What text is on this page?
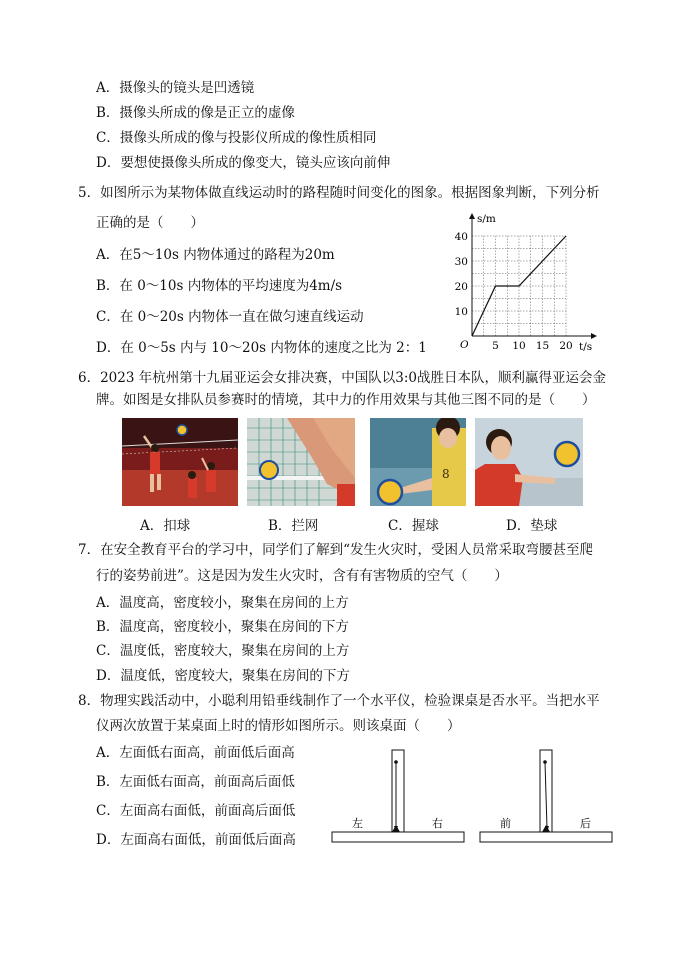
A．摄像头的镜头是凹透镜
B．摄像头所成的像是正立的虚像
C．摄像头所成的像与投影仪所成的像性质相同
D．要想使摄像头所成的像变大，镜头应该向前伸
5．如图所示为某物体做直线运动时的路程随时间变化的图象。根据图象判断，下列分析
正确的是（　　）
A．在5～10s 内物体通过的路程为20m
B．在 0～10s 内物体的平均速度为4m/s
C．在 0～20s 内物体一直在做匀速直线运动
D．在 0～5s 内与 10～20s 内物体的速度之比为 2：1	5 10 15 20
10
20
30
40
s/m
t/s
O
6．2023 年杭州第十九届亚运会女排决赛，中国队以3:0战胜日本队，顺利赢得亚运会金
牌。如图是女排队员参赛时的情境，其中力的作用效果与其他三图不同的是（　　）
8
A．扣球	B．拦网	C．握球	D．垫球
7．在安全教育平台的学习中，同学们了解到“发生火灾时，受困人员常采取弯腰甚至爬
行的姿势前进”。这是因为发生火灾时，含有有害物质的空气（　　）
A．温度高，密度较小，聚集在房间的上方
B．温度高，密度较小，聚集在房间的下方
C．温度低，密度较大，聚集在房间的上方
D．温度低，密度较大，聚集在房间的下方
8．物理实践活动中，小聪利用铅垂线制作了一个水平仪，检验课桌是否水平。当把水平
仪两次放置于某桌面上时的情形如图所示。则该桌面（　　）
A．左面低右面高，前面低后面高
B．左面低右面高，前面高后面低
C．左面高右面低，前面高后面低
D．左面高右面低，前面低后面高
左	右	前	后
